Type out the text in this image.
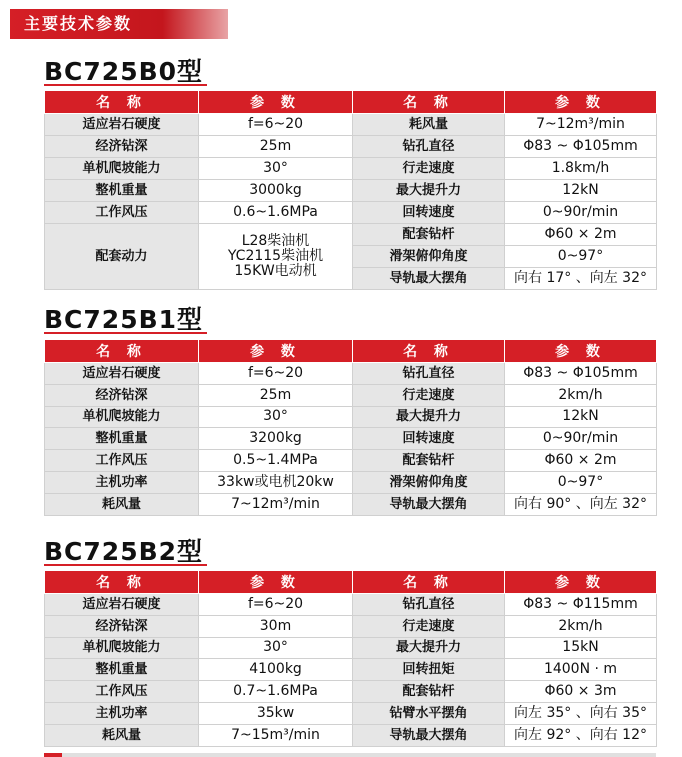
主要技术参数
BC725B0型
名 称	参 数	名 称	参 数
适应岩石硬度	f=6~20	耗风量	7~12m³/min
经济钻深	25m	钻孔直径	Φ83 ~ Φ105mm
单机爬坡能力	30°	行走速度	1.8km/h
整机重量	3000kg	最大提升力	12kN
工作风压	0.6~1.6MPa	回转速度	0~90r/min
配套动力	L28柴油机
YC2115柴油机
15KW电动机	配套钻杆	Φ60 × 2m
		滑架俯仰角度	0~97°
		导轨最大摆角	向右 17° 、向左 32°
BC725B1型
名 称	参 数	名 称	参 数
适应岩石硬度	f=6~20	钻孔直径	Φ83 ~ Φ105mm
经济钻深	25m	行走速度	2km/h
单机爬坡能力	30°	最大提升力	12kN
整机重量	3200kg	回转速度	0~90r/min
工作风压	0.5~1.4MPa	配套钻杆	Φ60 × 2m
主机功率	33kw或电机20kw	滑架俯仰角度	0~97°
耗风量	7~12m³/min	导轨最大摆角	向右 90° 、向左 32°
BC725B2型
名 称	参 数	名 称	参 数
适应岩石硬度	f=6~20	钻孔直径	Φ83 ~ Φ115mm
经济钻深	30m	行走速度	2km/h
单机爬坡能力	30°	最大提升力	15kN
整机重量	4100kg	回转扭矩	1400N · m
工作风压	0.7~1.6MPa	配套钻杆	Φ60 × 3m
主机功率	35kw	钻臂水平摆角	向左 35° 、向右 35°
耗风量	7~15m³/min	导轨最大摆角	向左 92° 、向右 12°
